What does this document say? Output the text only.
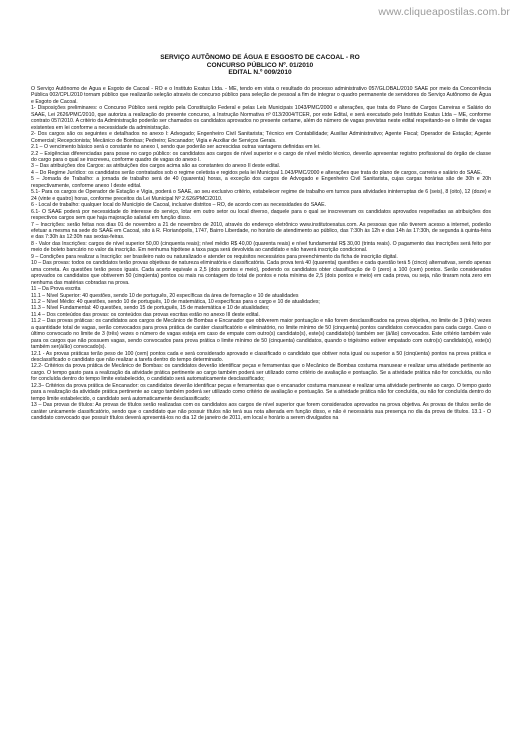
www.cliqueapostilas.com.br
SERVIÇO AUTÔNOMO DE ÁGUA E ESGOSTO DE CACOAL - RO
CONCURSO PÚBLICO Nº. 01/2010
EDITAL N.º 009/2010

O Serviço Autônomo de Água e Esgoto de Cacoal - RO e o Instituto Exatus Ltda. - ME, tendo em vista o resultado do processo administrativo 057/GLOBAL/2010 SAAE por meio da Concorrência Pública 002/CPL/2010 tornam público que realizarão seleção através de concurso público para seleção de pessoal a fim de integrar o quadro permanente de servidores do Serviço Autônomo de Água e Esgoto de Cacoal.

1- Disposições preliminares: o Concurso Público será regido pela Constituição Federal e pelas Leis Municipais 1043/PMC/2000 e alterações, que trata do Plano de Cargos Carreiras e Salário do SAAE, Lei 2626/PMC/2010, que autoriza a realização do presente concurso, a Instrução Normativa nº 013/2004/TCER, por este Edital, e será executado pelo Instituto Exatus Ltda – ME, conforme contrato 057/2010. A critério da Administração poderão ser chamados os candidatos aprovados no presente certame, além do número de vagas previstas neste edital respeitando-se o limite de vagas existentes em lei conforme a necessidade da administração.

2- Dos cargos são os seguintes e detalhados no anexo I: Advogado; Engenheiro Civil Sanitarista; Técnico em Contabilidade; Auxiliar Administrativo; Agente Fiscal; Operador de Estação; Agente Comercial; Recepcionista; Mecânico de Bombas; Pedreiro; Encanador; Vigia e Auxiliar de Serviços Gerais.

2.1 – O vencimento básico será o constante no anexo I, sendo que poderão ser acrescidas outras vantagens definidas em lei.

2.2 – Exigências diferenciadas para posse no cargo público: os candidatos aos cargos de nível superior e o cargo de nível médio técnico, deverão apresentar registro profissional do órgão de classe do cargo para o qual se inscreveu, conforme quadro de vagas do anexo I.

3 – Das atribuições dos Cargos: as atribuições dos cargos acima são as constantes do anexo II deste edital.

4 – Do Regime Jurídico: os candidatos serão contratados sob o regime celetista e regidos pela lei Municipal 1.043/PMC/2000 e alterações que trata do plano de cargos, carreira e salário do SAAE.

5 – Jornada de Trabalho: a jornada de trabalho será de 40 (quarenta) horas, a exceção dos cargos de Advogado e Engenheiro Civil Sanitarista, cujas cargas horárias são de 30h e 20h respectivamente, conforme anexo I deste edital.

5.1- Para os cargos de Operador de Estação e Vigia, poderá o SAAE, ao seu exclusivo critério, estabelecer regime de trabalho em turnos para atividades ininterruptas de 6 (seis), 8 (oito), 12 (doze) e 24 (vinte e quatro) horas, conforme preceitos da Lei Municipal Nº 2.626/PMC/2010.

6 - Local de trabalho: qualquer local do Município de Cacoal, inclusive distritos – RO, de acordo com as necessidades do SAAE.

6.1- O SAAE poderá por necessidade do interesse do serviço, lotar em outro setor ou local diverso, daquele para o qual se inscreveram os candidatos aprovados respeitadas as atribuições dos respectivos cargos sem que haja majoração salarial em função disso.

7 – Inscrições: serão feitas nos dias 01 de novembro a 21 de novembro de 2010, através do endereço eletrônico www.institutoexatus.com. As pessoas que não tiverem acesso a internet, poderão efetuar a mesma na sede do SAAE em Cacoal, sito à R. Florianópolis, 1747, Bairro Liberdade, no horário de atendimento ao público, das 7:30h às 12h e das 14h às 17:30h, de segunda à quinta-feira e das 7:30h às 12:30h nas sextas-feiras.

8 - Valor das Inscrições: cargos de nível superior 50,00 (cinquenta reais); nível médio R$ 40,00 (quarenta reais) e nível fundamental R$ 30,00 (trinta reais). O pagamento das inscrições será feito por meio de boleto bancário no valor da inscrição. Em nenhuma hipótese a taxa paga será devolvida ao candidato e não haverá inscrição condicional.

9 – Condições para realizar a Inscrição: ser brasileiro nato ou naturalizado e atender os requisitos necessários para preenchimento da ficha de inscrição digital.

10 – Das provas: todos os candidatos terão provas objetivas de natureza eliminatória e classificatória. Cada prova terá 40 (quarenta) questões e cada questão terá 5 (cinco) alternativas, sendo apenas uma correta. As questões terão pesos iguais. Cada acerto equivale a 2,5 (dois pontos e meio), podendo os candidatos obter classificação de 0 (zero) a 100 (cem) pontos. Serão considerados aprovados os candidatos que obtiverem 50 (cinqüenta) pontos ou mais na contagem do total de pontos e nota mínima de 2,5 (dois pontos e meio) em cada prova, ou seja, não tiraram nota zero em nenhuma das matérias cobradas na prova.

11 – Da Prova escrita

11.1 – Nível Superior: 40 questões, sendo 10 de português, 20 específicas da área de formação e 10 de atualidades

11.2 – Nível Médio: 40 questões, sendo 10 de português, 10 de matemática, 10 específicas para o cargo e 10 de atualidades;

11.3 – Nível Fundamental: 40 questões, sendo 15 de português, 15 de matemática e 10 de atualidades;

11.4 – Dos conteúdos das provas: os conteúdos das provas escritas estão no anexo III deste edital.

11.2 – Das provas práticas: os candidatos aos cargos de Mecânico de Bombas e Encanador que obtiverem maior pontuação e não forem desclassificados na prova objetiva, no limite de 3 (três) vezes a quantidade total de vagas, serão convocados para prova prática de caráter classificatório e eliminatório, no limite mínimo de 50 (cinquenta) pontos candidatos convocados para cada cargo. Caso o último convocado no limite de 3 (três) vezes o número de vagas esteja em caso de empate com outro(s) candidato(s), este(s) candidato(s) também ser (á/ão) convocados. Este critério também vale para os cargos que não possuem vagas, sendo convocados para prova prática o limite mínimo de 50 (cinquenta) candidatos, quando o trigésimo estiver empatado com outro(s) candidato(s), este(s) também ser(á/ão) convocado(s).

12.1 - As provas práticas terão peso de 100 (cem) pontos cada e será considerado aprovado e classificado o candidato que obtiver nota igual ou superior a 50 (cinqüenta) pontos na prova prática e desclassificado o candidato que não realizar a tarefa dentro do tempo determinado.

12.2- Critérios da prova prática de Mecânico de Bombas: os candidatos deverão identificar peças e ferramentas que o Mecânico de Bombas costuma manusear e realizar uma atividade pertinente ao cargo. O tempo gasto para a realização da atividade prática pertinente ao cargo também poderá ser utilizado como critério de avaliação e pontuação. Se a atividade prática não for concluída, ou não for concluída dentro do tempo limite estabelecido, o candidato será automaticamente desclassificado;

12.3– Critérios da prova prática de Encanador: os candidatos deverão identificar peças e ferramentas que o encanador costuma manusear e realizar uma atividade pertinente ao cargo. O tempo gasto para a realização da atividade prática pertinente ao cargo também poderá ser utilizado como critério de avaliação e pontuação. Se a atividade prática não for concluída, ou não for concluída dentro do tempo limite estabelecido, o candidato será automaticamente desclassificado;

13 – Das provas de títulos: As provas de títulos serão realizadas com os candidatos aos cargos de nível superior que forem considerados aprovados na prova objetiva. As provas de títulos serão de caráter unicamente classificatório, sendo que o candidato que não possuir títulos não terá sua nota alterada em função disso, e não é necessária sua presença no dia da prova de títulos. 13.1 - O candidato convocado que possuir títulos deverá apresentá-los no dia 12 de janeiro de 2011, em local e horário a serem divulgados na
